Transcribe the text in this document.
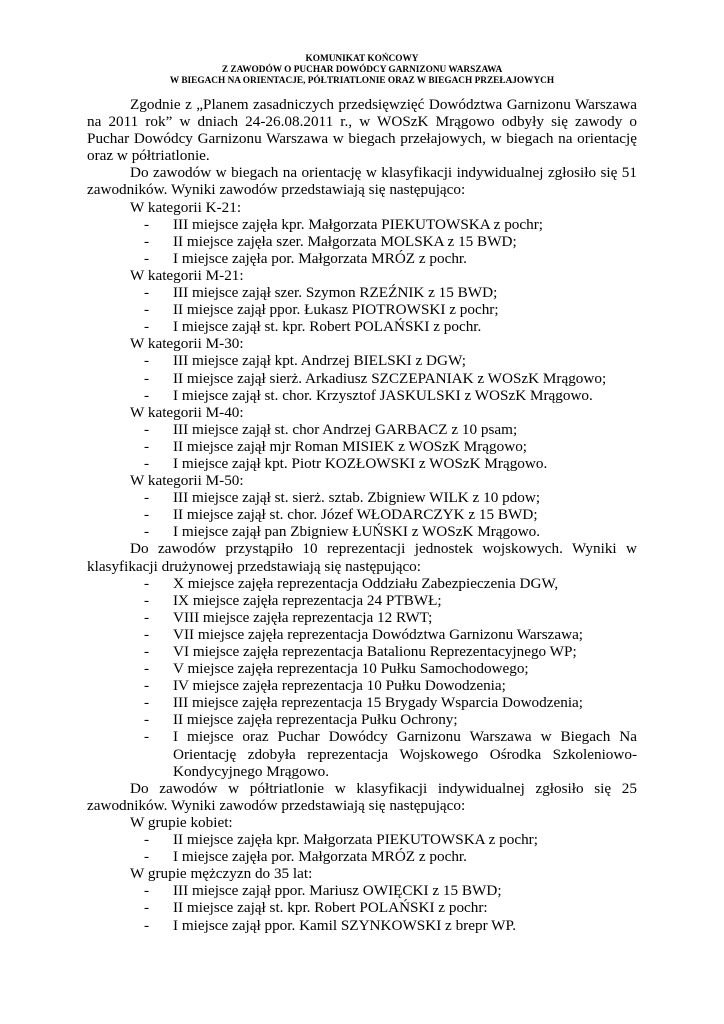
KOMUNIKAT KOŃCOWY
Z ZAWODÓW O PUCHAR DOWÓDCY GARNIZONU WARSZAWA
W BIEGACH NA ORIENTACJE, PÓŁTRIATLONIE ORAZ W BIEGACH PRZEŁAJOWYCH

Zgodnie z „Planem zasadniczych przedsięwzięć Dowództwa Garnizonu Warszawa na 2011 rok” w dniach 24-26.08.2011 r., w WOSzK Mrągowo odbyły się zawody o Puchar Dowódcy Garnizonu Warszawa w biegach przełajowych, w biegach na orientację oraz w półtriatlonie.

Do zawodów w biegach na orientację w klasyfikacji indywidualnej zgłosiło się 51 zawodników. Wyniki zawodów przedstawiają się następująco:

W kategorii K-21:
- III miejsce zajęła kpr. Małgorzata PIEKUTOWSKA z pochr;
- II miejsce zajęła szer. Małgorzata MOLSKA z 15 BWD;
- I miejsce zajęła por. Małgorzata MRÓZ z pochr.
W kategorii M-21:
- III miejsce zajął szer. Szymon RZEŹNIK z 15 BWD;
- II miejsce zajął ppor. Łukasz PIOTROWSKI z pochr;
- I miejsce zajął st. kpr. Robert POLAŃSKI z pochr.
W kategorii M-30:
- III miejsce zajął kpt. Andrzej BIELSKI z DGW;
- II miejsce zajął sierż. Arkadiusz SZCZEPANIAK z WOSzK Mrągowo;
- I miejsce zajął st. chor. Krzysztof JASKULSKI z WOSzK Mrągowo.
W kategorii M-40:
- III miejsce zajął st. chor Andrzej GARBACZ z 10 psam;
- II miejsce zajął mjr Roman MISIEK z WOSzK Mrągowo;
- I miejsce zajął kpt. Piotr KOZŁOWSKI z WOSzK Mrągowo.
W kategorii M-50:
- III miejsce zajął st. sierż. sztab. Zbigniew WILK z 10 pdow;
- II miejsce zajął st. chor. Józef WŁODARCZYK z 15 BWD;
- I miejsce zajął pan Zbigniew ŁUŃSKI z WOSzK Mrągowo.

Do zawodów przystąpiło 10 reprezentacji jednostek wojskowych. Wyniki w klasyfikacji drużynowej przedstawiają się następująco:

- X miejsce zajęła reprezentacja Oddziału Zabezpieczenia DGW,
- IX miejsce zajęła reprezentacja 24 PTBWŁ;
- VIII miejsce zajęła reprezentacja 12 RWT;
- VII miejsce zajęła reprezentacja Dowództwa Garnizonu Warszawa;
- VI miejsce zajęła reprezentacja Batalionu Reprezentacyjnego WP;
- V miejsce zajęła reprezentacja 10 Pułku Samochodowego;
- IV miejsce zajęła reprezentacja 10 Pułku Dowodzenia;
- III miejsce zajęła reprezentacja 15 Brygady Wsparcia Dowodzenia;
- II miejsce zajęła reprezentacja Pułku Ochrony;
- I miejsce oraz Puchar Dowódcy Garnizonu Warszawa w Biegach Na Orientację zdobyła reprezentacja Wojskowego Ośrodka Szkoleniowo-Kondycyjnego Mrągowo.

Do zawodów w półtriatlonie w klasyfikacji indywidualnej zgłosiło się 25 zawodników. Wyniki zawodów przedstawiają się następująco:

W grupie kobiet:
- II miejsce zajęła kpr. Małgorzata PIEKUTOWSKA z pochr;
- I miejsce zajęła por. Małgorzata MRÓZ z pochr.
W grupie mężczyzn do 35 lat:
- III miejsce zajął ppor. Mariusz OWIĘCKI z 15 BWD;
- II miejsce zajął st. kpr. Robert POLAŃSKI z pochr:
- I miejsce zajął ppor. Kamil SZYNKOWSKI z brepr WP.
